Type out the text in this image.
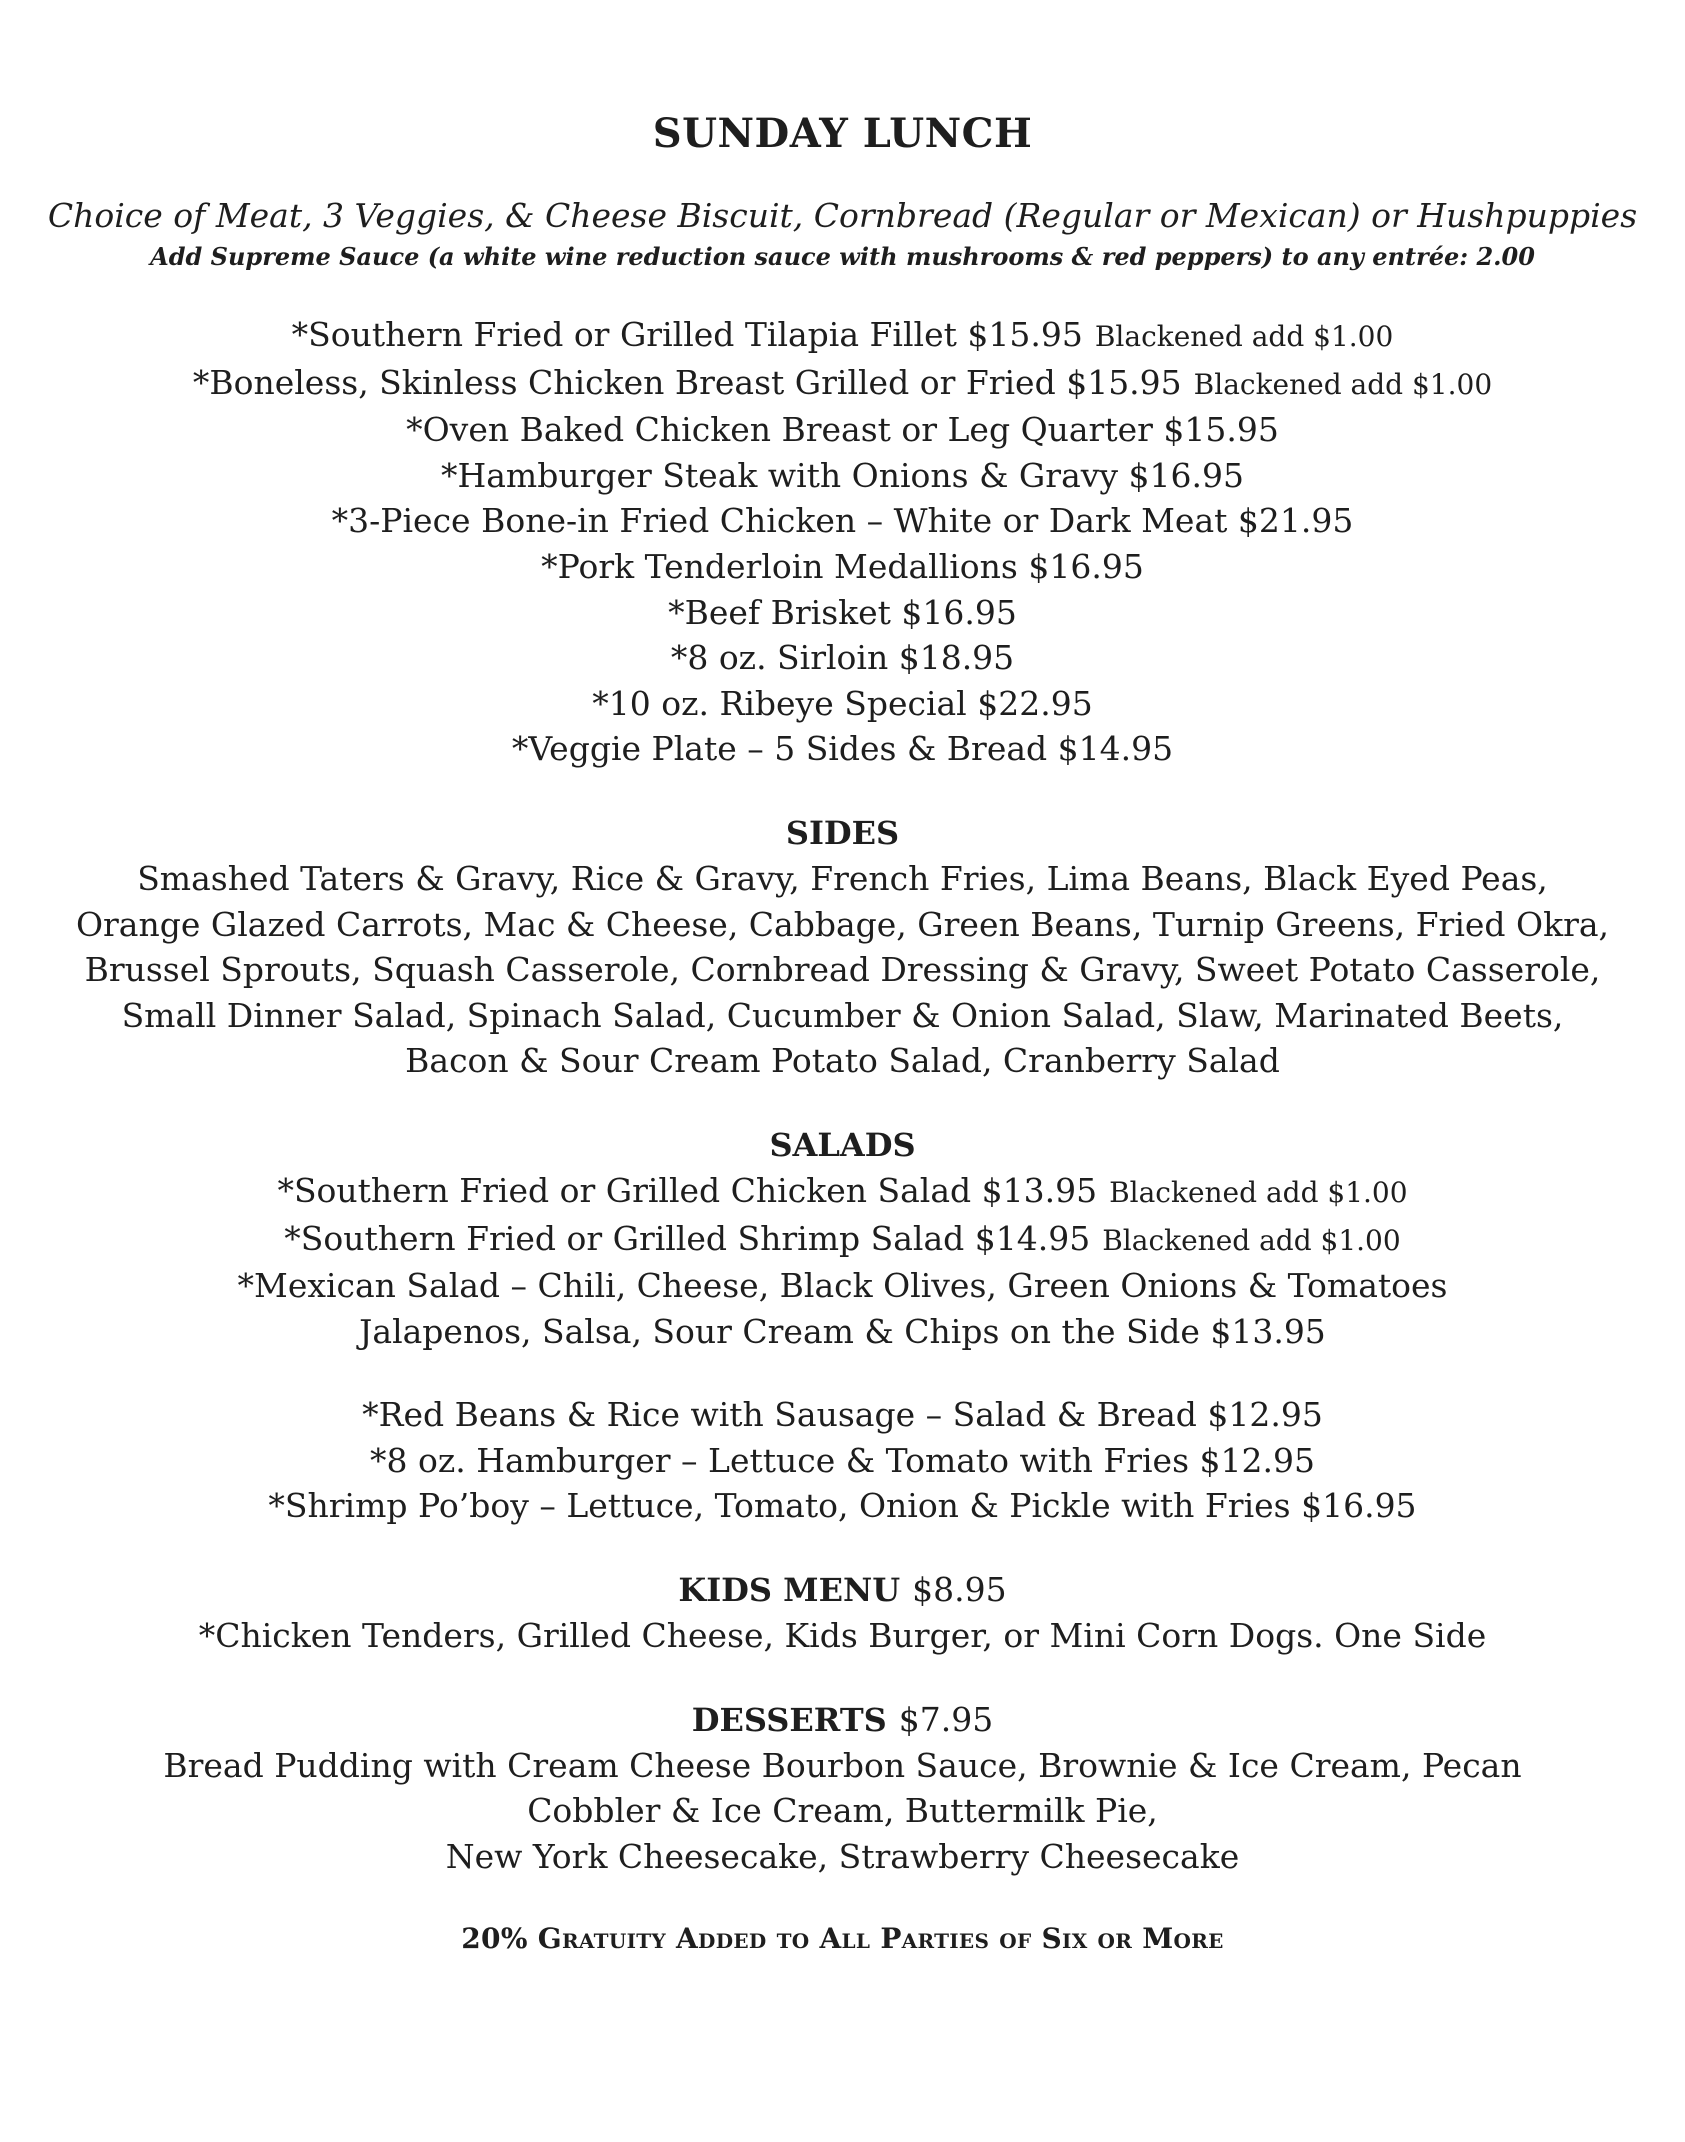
SUNDAY LUNCH
Choice of Meat, 3 Veggies, & Cheese Biscuit, Cornbread (Regular or Mexican) or Hushpuppies
Add Supreme Sauce (a white wine reduction sauce with mushrooms & red peppers) to any entrée: 2.00
*Southern Fried or Grilled Tilapia Fillet $15.95 Blackened add $1.00
*Boneless, Skinless Chicken Breast Grilled or Fried $15.95 Blackened add $1.00
*Oven Baked Chicken Breast or Leg Quarter $15.95
*Hamburger Steak with Onions & Gravy $16.95
*3-Piece Bone-in Fried Chicken – White or Dark Meat $21.95
*Pork Tenderloin Medallions $16.95
*Beef Brisket $16.95
*8 oz. Sirloin $18.95
*10 oz. Ribeye Special $22.95
*Veggie Plate – 5 Sides & Bread $14.95
SIDES
Smashed Taters & Gravy, Rice & Gravy, French Fries, Lima Beans, Black Eyed Peas,
Orange Glazed Carrots, Mac & Cheese, Cabbage, Green Beans, Turnip Greens, Fried Okra,
Brussel Sprouts, Squash Casserole, Cornbread Dressing & Gravy, Sweet Potato Casserole,
Small Dinner Salad, Spinach Salad, Cucumber & Onion Salad, Slaw, Marinated Beets,
Bacon & Sour Cream Potato Salad, Cranberry Salad
SALADS
*Southern Fried or Grilled Chicken Salad $13.95 Blackened add $1.00
*Southern Fried or Grilled Shrimp Salad $14.95 Blackened add $1.00
*Mexican Salad – Chili, Cheese, Black Olives, Green Onions & Tomatoes
Jalapenos, Salsa, Sour Cream & Chips on the Side $13.95
*Red Beans & Rice with Sausage – Salad & Bread $12.95
*8 oz. Hamburger – Lettuce & Tomato with Fries $12.95
*Shrimp Po’boy – Lettuce, Tomato, Onion & Pickle with Fries $16.95
KIDS MENU $8.95
*Chicken Tenders, Grilled Cheese, Kids Burger, or Mini Corn Dogs. One Side
DESSERTS $7.95
Bread Pudding with Cream Cheese Bourbon Sauce, Brownie & Ice Cream, Pecan
Cobbler & Ice Cream, Buttermilk Pie,
New York Cheesecake, Strawberry Cheesecake
20% Gratuity Added to All Parties of Six or More
